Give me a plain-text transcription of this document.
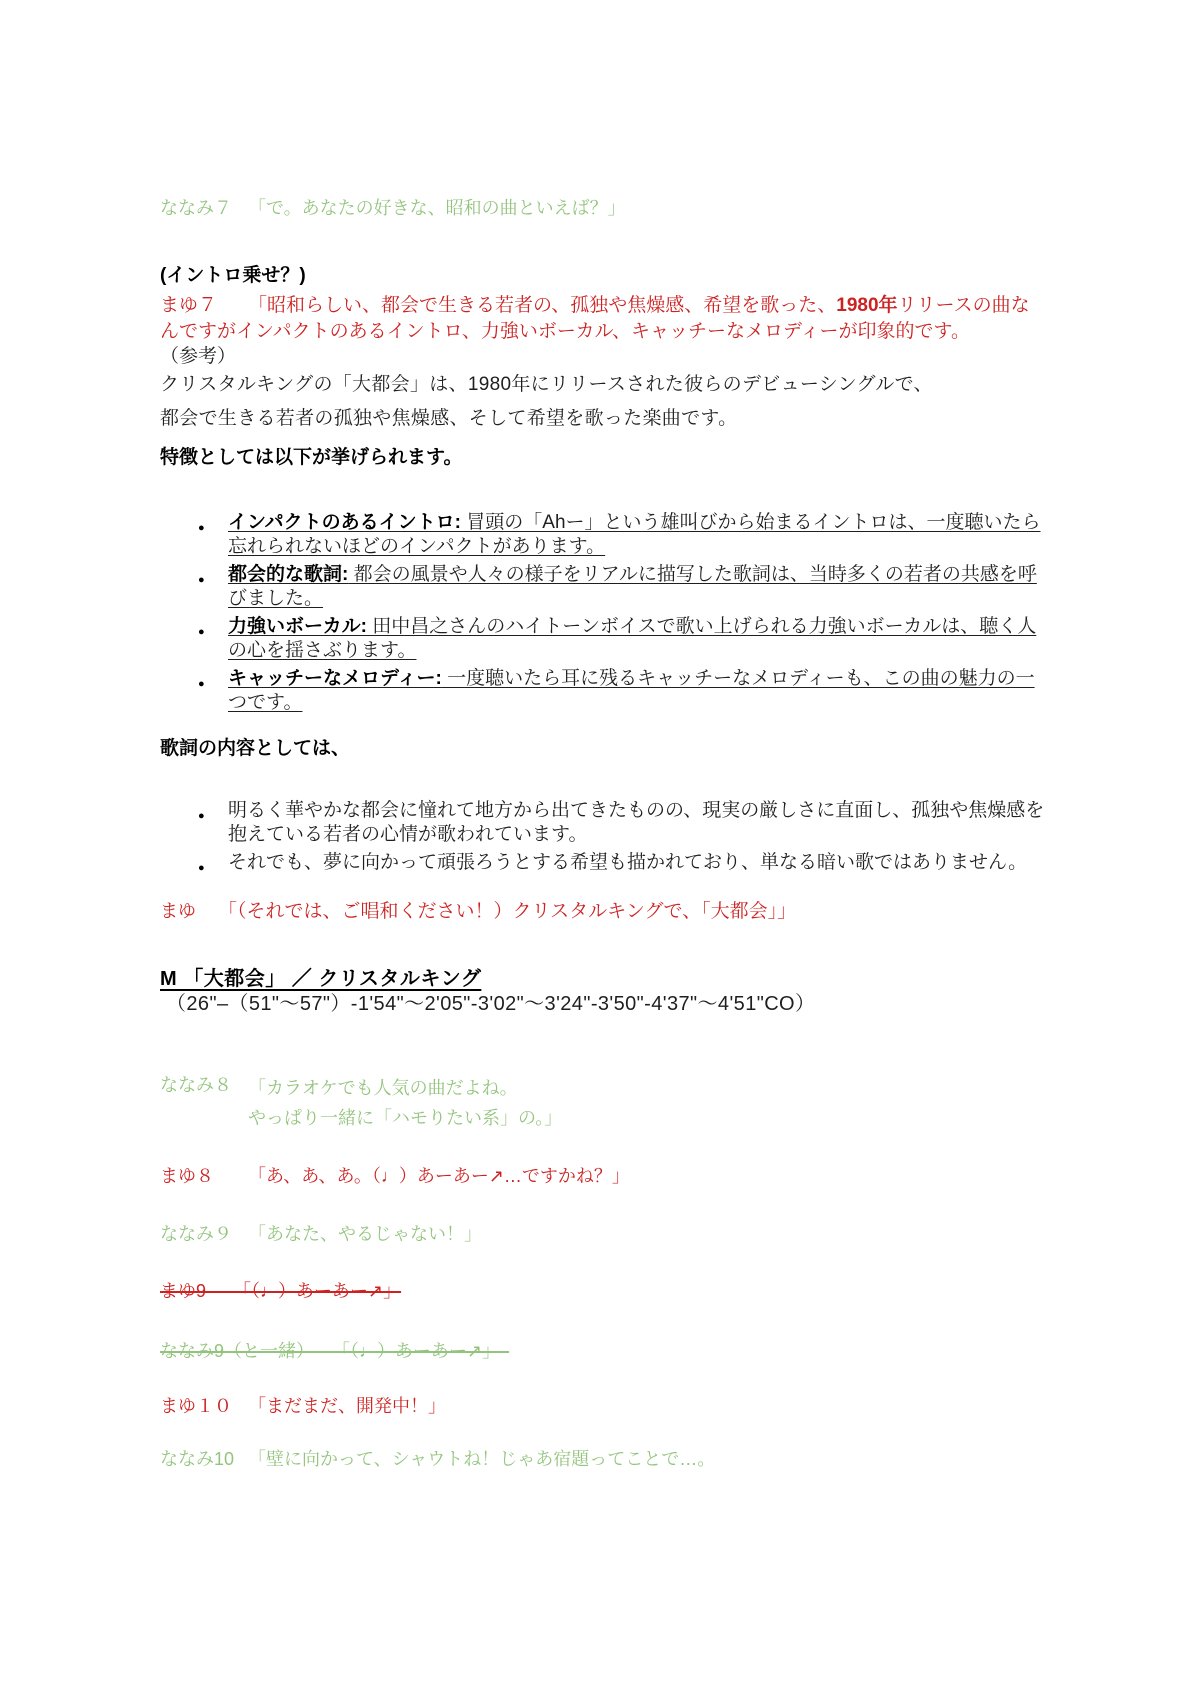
ななみ７ 「で。あなたの好きな、昭和の曲といえば？」
(イントロ乗せ？)

まゆ７ 「昭和らしい、都会で生きる若者の、孤独や焦燥感、希望を歌った、1980年リリースの曲なんですがインパクトのあるイントロ、力強いボーカル、キャッチーなメロディーが印象的です。

（参考）
クリスタルキングの「大都会」は、1980年にリリースされた彼らのデビューシングルで、
都会で生きる若者の孤独や焦燥感、そして希望を歌った楽曲です。
特徴としては以下が挙げられます。
● インパクトのあるイントロ: 冒頭の「Ahー」という雄叫びから始まるイントロは、一度聴いたら忘れられないほどのインパクトがあります。
● 都会的な歌詞: 都会の風景や人々の様子をリアルに描写した歌詞は、当時多くの若者の共感を呼びました。
● 力強いボーカル: 田中昌之さんのハイトーンボイスで歌い上げられる力強いボーカルは、聴く人の心を揺さぶります。
● キャッチーなメロディー: 一度聴いたら耳に残るキャッチーなメロディーも、この曲の魅力の一つです。
歌詞の内容としては、
● 明るく華やかな都会に憧れて地方から出てきたものの、現実の厳しさに直面し、孤独や焦燥感を抱えている若者の心情が歌われています。
● それでも、夢に向かって頑張ろうとする希望も描かれており、単なる暗い歌ではありません。
まゆ	「（それでは、ご唱和ください！）クリスタルキングで、「大都会」」
M 「大都会」 ／ クリスタルキング
（26"–（51"～57"）-1'54"～2'05"-3'02"～3'24"-3'50"-4'37"～4'51"CO）
ななみ８ 「カラオケでも人気の曲だよね。
やっぱり一緒に「ハモりたい系」の。」
まゆ８	「あ、あ、あ。（♩）あーあー↗…ですかね？」
ななみ９ 「あなた、やるじゃない！」
まゆ9　　「（♩）あーあー↗」
ななみ9（と一緒）　　「（♩）あーあー↗」　
まゆ１０ 「まだまだ、開発中！」
ななみ10 「壁に向かって、シャウトね！じゃあ宿題ってことで…。
